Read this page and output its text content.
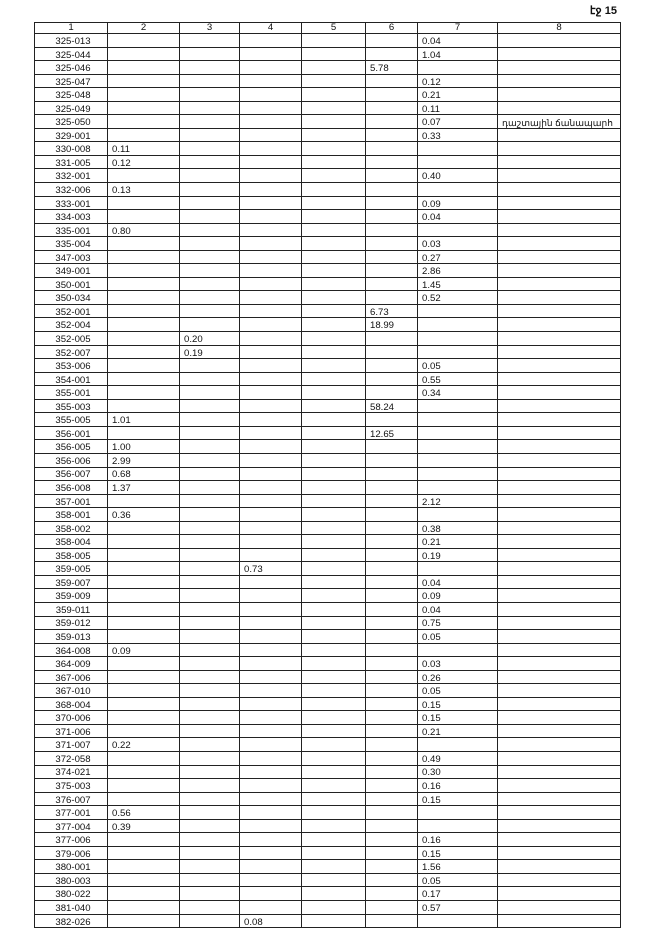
էջ 15
1	2	3	4	5	6	7	8
325-013						0.04	
325-044						1.04	
325-046					5.78		
325-047						0.12	
325-048						0.21	
325-049						0.11	
325-050						0.07	դաշտային ճանապարհ
329-001						0.33	
330-008	0.11						
331-005	0.12						
332-001						0.40	
332-006	0.13						
333-001						0.09	
334-003						0.04	
335-001	0.80						
335-004						0.03	
347-003						0.27	
349-001						2.86	
350-001						1.45	
350-034						0.52	
352-001					6.73		
352-004					18.99		
352-005		0.20					
352-007		0.19					
353-006						0.05	
354-001						0.55	
355-001						0.34	
355-003					58.24		
355-005	1.01						
356-001					12.65		
356-005	1.00						
356-006	2.99						
356-007	0.68						
356-008	1.37						
357-001						2.12	
358-001	0.36						
358-002						0.38	
358-004						0.21	
358-005						0.19	
359-005			0.73				
359-007						0.04	
359-009						0.09	
359-011						0.04	
359-012						0.75	
359-013						0.05	
364-008	0.09						
364-009						0.03	
367-006						0.26	
367-010						0.05	
368-004						0.15	
370-006						0.15	
371-006						0.21	
371-007	0.22						
372-058						0.49	
374-021						0.30	
375-003						0.16	
376-007						0.15	
377-001	0.56						
377-004	0.39						
377-006						0.16	
379-006						0.15	
380-001						1.56	
380-003						0.05	
380-022						0.17	
381-040						0.57	
382-026			0.08				
